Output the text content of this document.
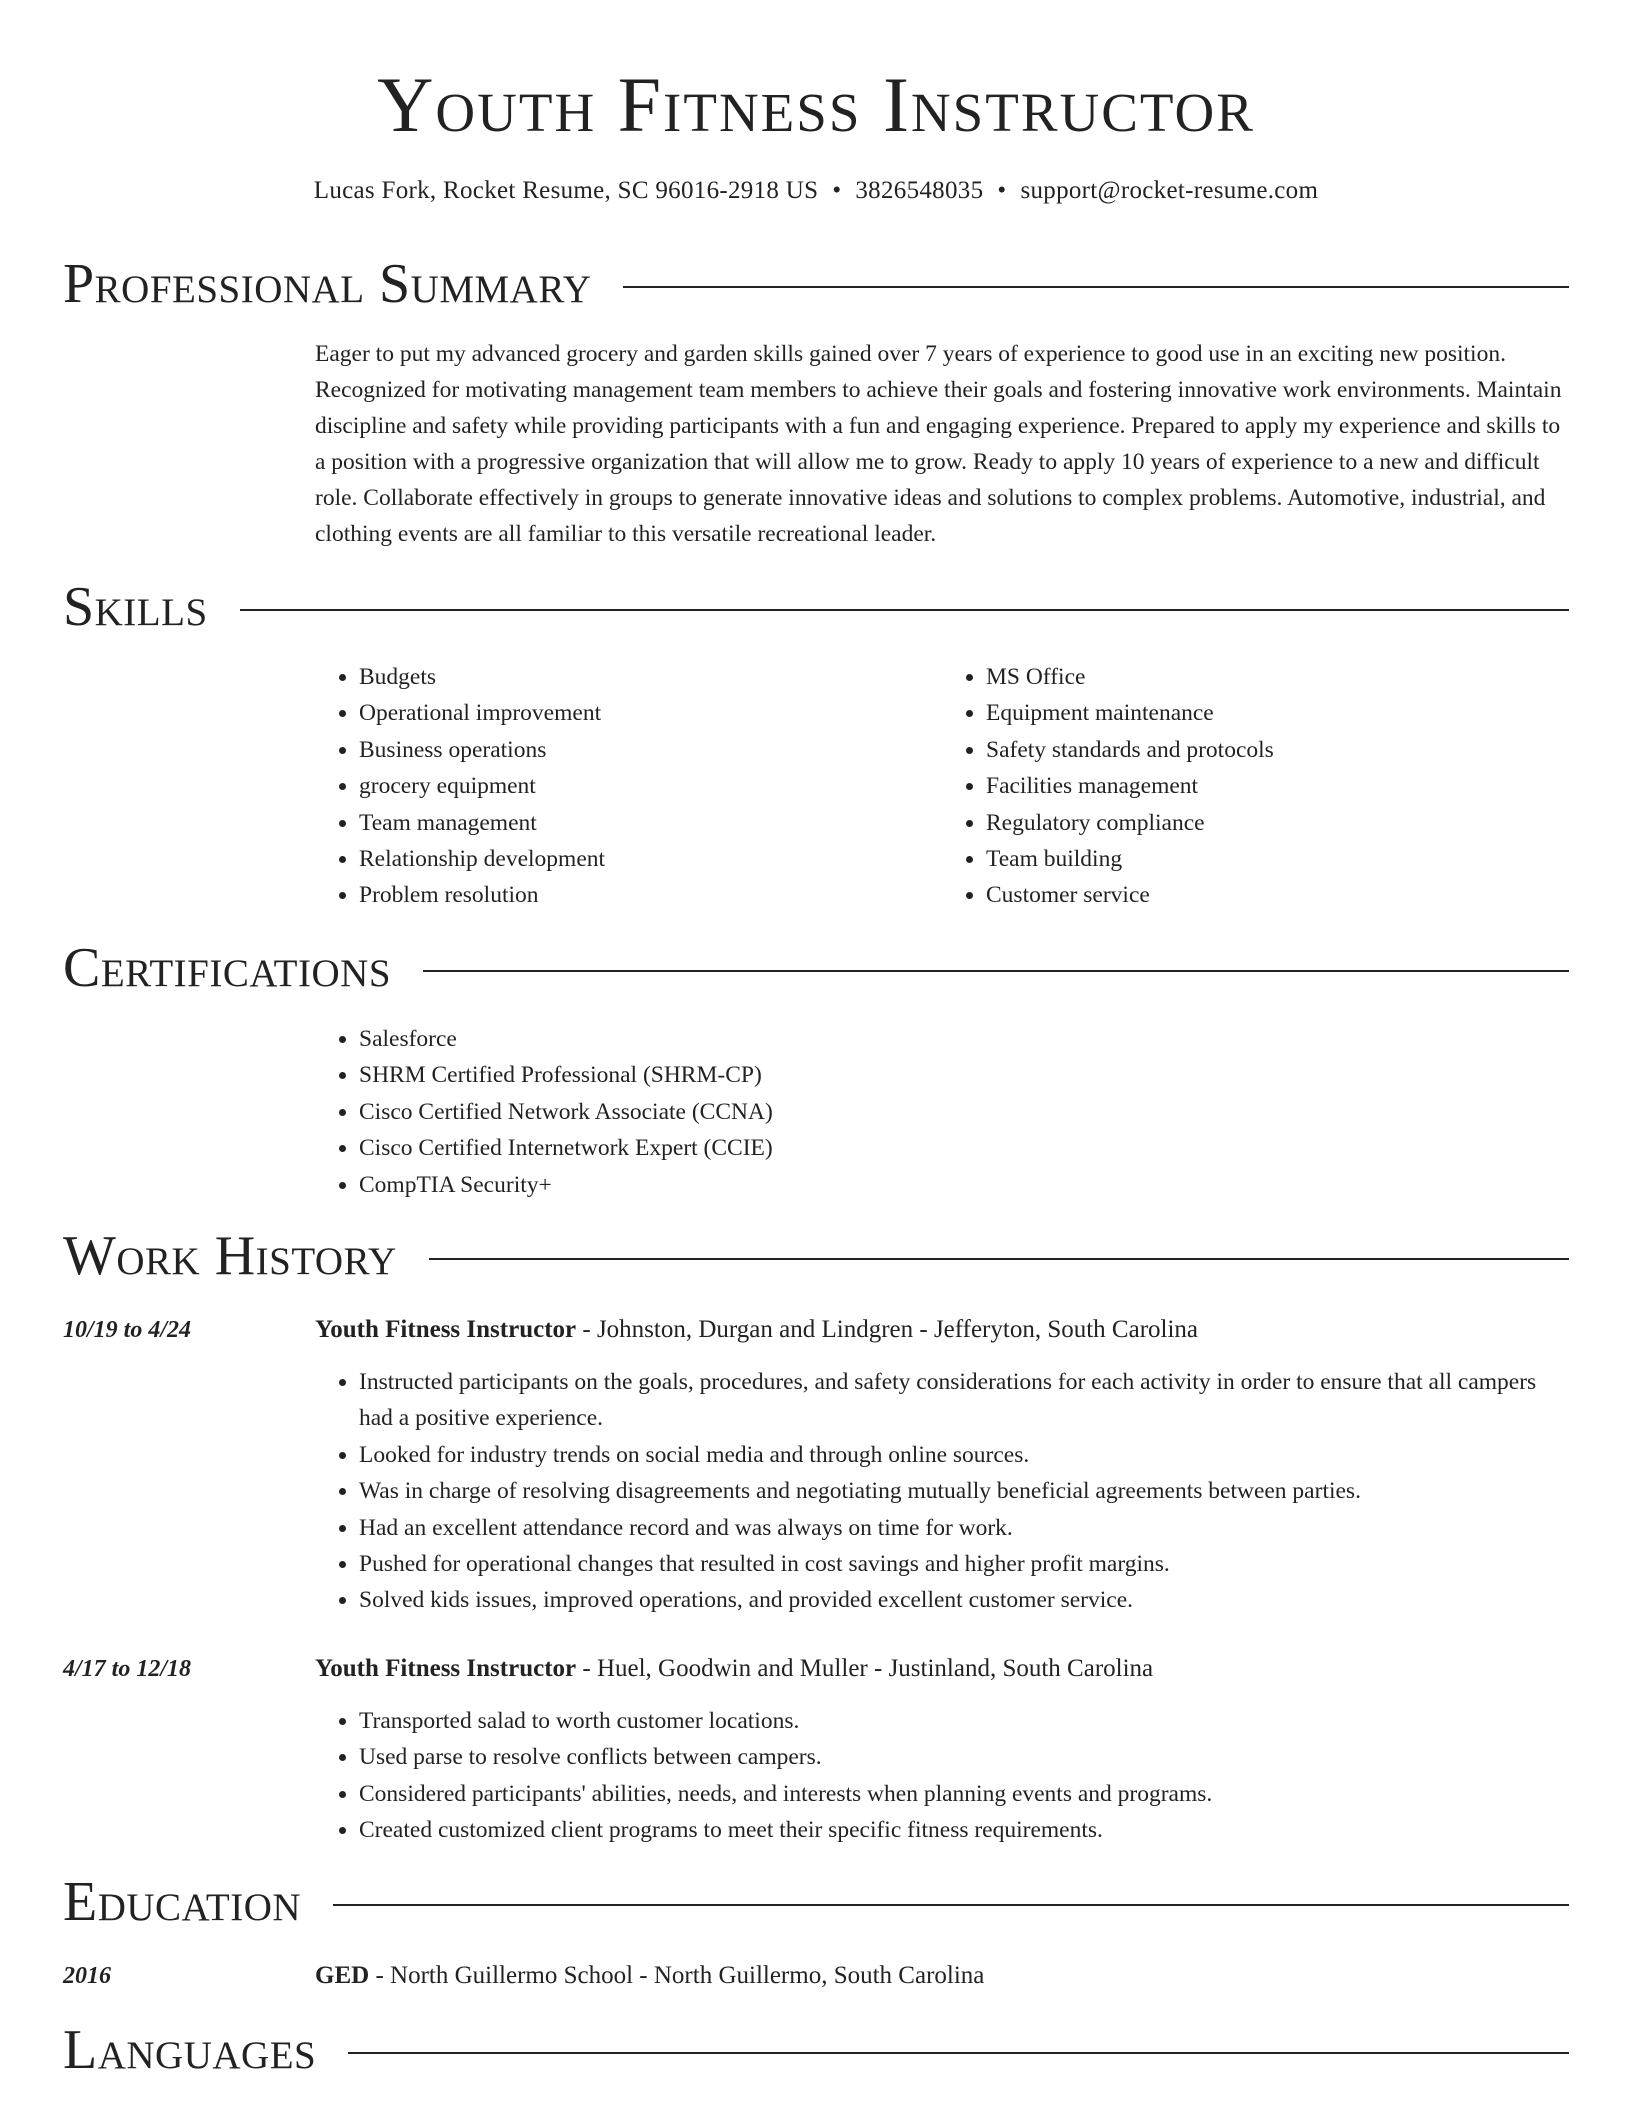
Youth Fitness Instructor
Lucas Fork, Rocket Resume, SC 96016-2918 US • 3826548035 • support@rocket-resume.com
Professional Summary

Eager to put my advanced grocery and garden skills gained over 7 years of experience to good use in an exciting new position. Recognized for motivating management team members to achieve their goals and fostering innovative work environments. Maintain discipline and safety while providing participants with a fun and engaging experience. Prepared to apply my experience and skills to a position with a progressive organization that will allow me to grow. Ready to apply 10 years of experience to a new and difficult role. Collaborate effectively in groups to generate innovative ideas and solutions to complex problems. Automotive, industrial, and clothing events are all familiar to this versatile recreational leader.

Skills
• Budgets
• Operational improvement
• Business operations
• grocery equipment
• Team management
• Relationship development
• Problem resolution
• MS Office
• Equipment maintenance
• Safety standards and protocols
• Facilities management
• Regulatory compliance
• Team building
• Customer service
Certifications
• Salesforce
• SHRM Certified Professional (SHRM-CP)
• Cisco Certified Network Associate (CCNA)
• Cisco Certified Internetwork Expert (CCIE)
• CompTIA Security+
Work History
10/19 to 4/24	Youth Fitness Instructor - Johnston, Durgan and Lindgren - Jefferyton, South Carolina

• Instructed participants on the goals, procedures, and safety considerations for each activity in order to ensure that all campers had a positive experience.
• Looked for industry trends on social media and through online sources.
• Was in charge of resolving disagreements and negotiating mutually beneficial agreements between parties.
• Had an excellent attendance record and was always on time for work.
• Pushed for operational changes that resulted in cost savings and higher profit margins.
• Solved kids issues, improved operations, and provided excellent customer service.
4/17 to 12/18	Youth Fitness Instructor - Huel, Goodwin and Muller - Justinland, South Carolina

• Transported salad to worth customer locations.
• Used parse to resolve conflicts between campers.
• Considered participants' abilities, needs, and interests when planning events and programs.
• Created customized client programs to meet their specific fitness requirements.
Education
2016	GED - North Guillermo School - North Guillermo, South Carolina

Languages
